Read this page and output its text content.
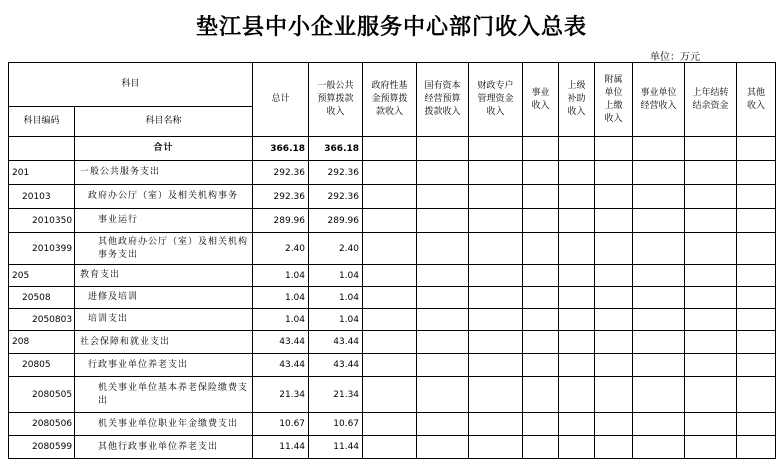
垫江县中小企业服务中心部门收入总表
单位：万元
科目		总计	一般公共预算拨款收入	政府性基金预算拨款收入	国有资本经营预算拨款收入	财政专户管理资金收入	事业收入	上级补助收入	附属单位上缴收入	事业单位经营收入	上年结转结余资金	其他收入

科目编码	科目名称											
	合计	366.18	366.18									
201	一般公共服务支出	292.36	292.36									
20103	政府办公厅（室）及相关机构事务	292.36	292.36									
2010350	事业运行	289.96	289.96									
2010399	其他政府办公厅（室）及相关机构事务支出	2.40	2.40									
205	教育支出	1.04	1.04									
20508	进修及培训	1.04	1.04									
2050803	培训支出	1.04	1.04									
208	社会保障和就业支出	43.44	43.44									
20805	行政事业单位养老支出	43.44	43.44									
2080505	机关事业单位基本养老保险缴费支出	21.34	21.34									
2080506	机关事业单位职业年金缴费支出	10.67	10.67									
2080599	其他行政事业单位养老支出	11.44	11.44									
